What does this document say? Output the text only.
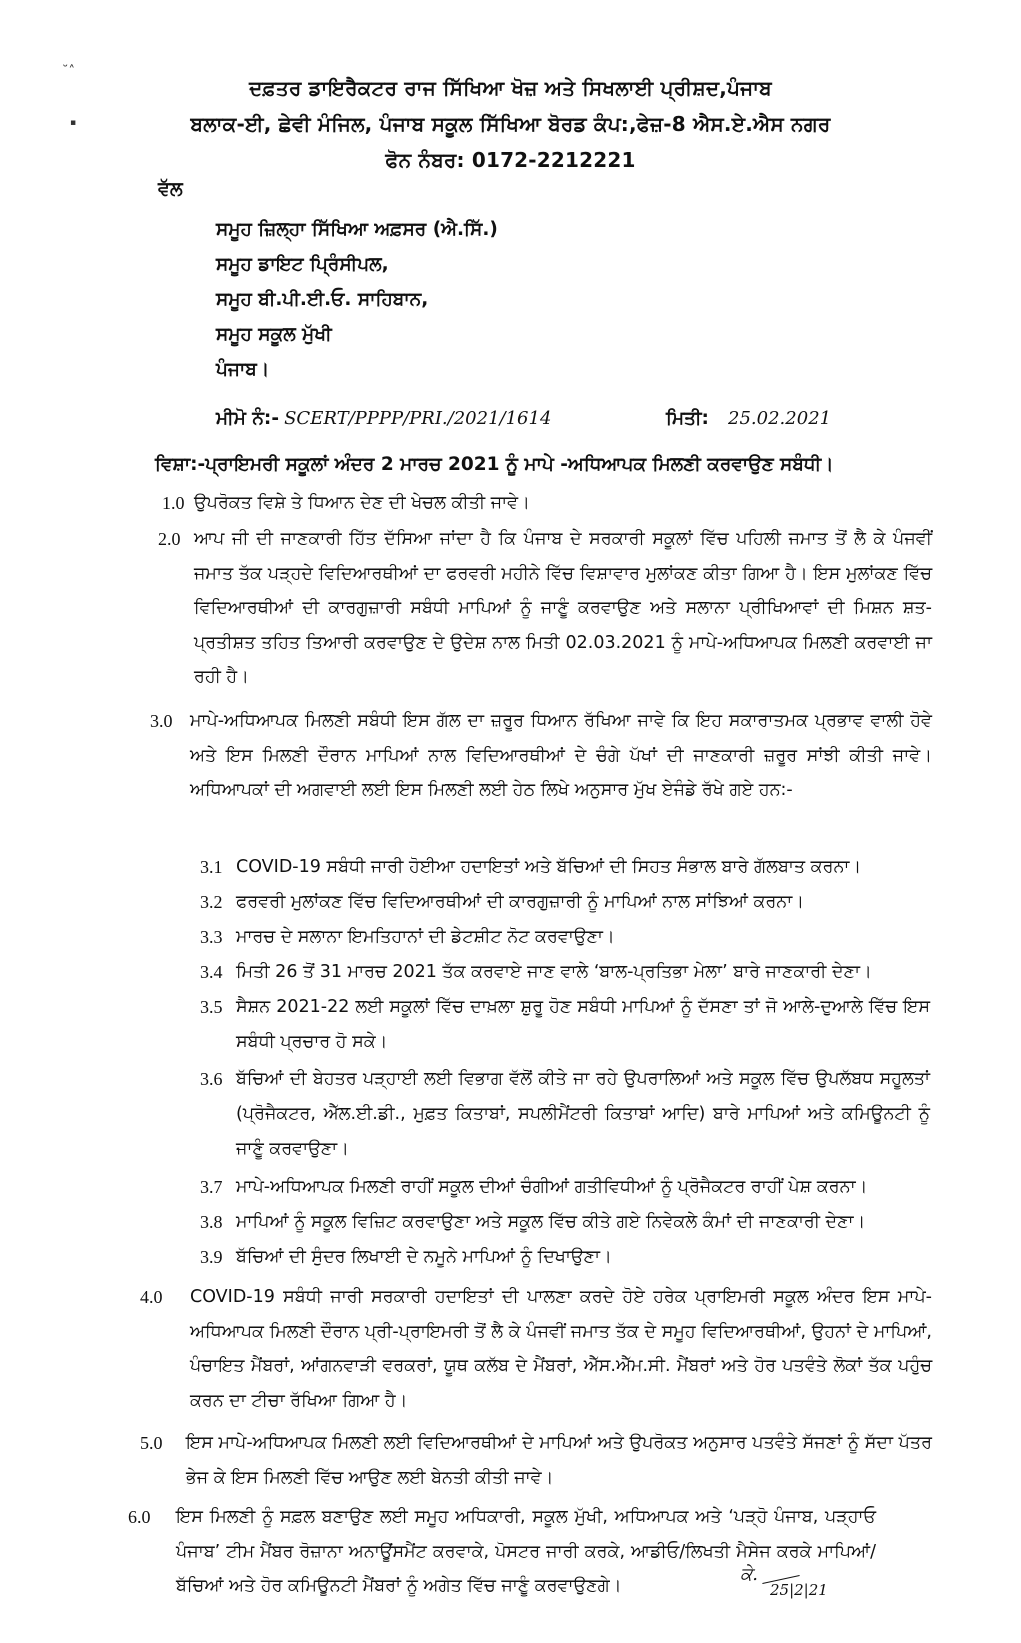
˘˄
▪
ਦਫ਼ਤਰ ਡਾਇਰੈਕਟਰ ਰਾਜ ਸਿੱਖਿਆ ਖੋਜ਼ ਅਤੇ ਸਿਖਲਾਈ ਪ੍ਰੀਸ਼ਦ,ਪੰਜਾਬ
ਬਲਾਕ-ਈ, ਛੇਵੀ ਮੰਜਿਲ, ਪੰਜਾਬ ਸਕੂਲ ਸਿੱਖਿਆ ਬੋਰਡ ਕੰਪ:,ਫੇਜ਼-8 ਐਸ.ਏ.ਐਸ ਨਗਰ
ਫੋਨ ਨੰਬਰ: 0172-2212221
ਵੱਲ
ਸਮੂਹ ਜ਼ਿਲ੍ਹਾ ਸਿੱਖਿਆ ਅਫ਼ਸਰ (ਐ.ਸਿੱ.)
ਸਮੂਹ ਡਾਇਟ ਪ੍ਰਿੰਸੀਪਲ,
ਸਮੂਹ ਬੀ.ਪੀ.ਈ.ਓ. ਸਾਹਿਬਾਨ,
ਸਮੂਹ ਸਕੂਲ ਮੁੱਖੀ
ਪੰਜਾਬ।
ਮੀਮੋ ਨੰ:- SCERT/PPPP/PRI./2021/1614	ਮਿਤੀ: 25.02.2021
ਵਿਸ਼ਾ:-ਪ੍ਰਾਇਮਰੀ ਸਕੂਲਾਂ ਅੰਦਰ 2 ਮਾਰਚ 2021 ਨੂੰ ਮਾਪੇ -ਅਧਿਆਪਕ ਮਿਲਣੀ ਕਰਵਾਉਣ ਸਬੰਧੀ।
1.0 ਉਪਰੋਕਤ ਵਿਸ਼ੇ ਤੇ ਧਿਆਨ ਦੇਣ ਦੀ ਖੇਚਲ ਕੀਤੀ ਜਾਵੇ।
2.0 ਆਪ ਜੀ ਦੀ ਜਾਣਕਾਰੀ ਹਿੱਤ ਦੱਸਿਆ ਜਾਂਦਾ ਹੈ ਕਿ ਪੰਜਾਬ ਦੇ ਸਰਕਾਰੀ ਸਕੂਲਾਂ ਵਿੱਚ ਪਹਿਲੀ ਜਮਾਤ ਤੋਂ ਲੈ ਕੇ ਪੰਜਵੀਂ ਜਮਾਤ ਤੱਕ ਪੜ੍ਹਦੇ ਵਿਦਿਆਰਥੀਆਂ ਦਾ ਫਰਵਰੀ ਮਹੀਨੇ ਵਿੱਚ ਵਿਸ਼ਾਵਾਰ ਮੁਲਾਂਕਣ ਕੀਤਾ ਗਿਆ ਹੈ। ਇਸ ਮੁਲਾਂਕਣ ਵਿੱਚ ਵਿਦਿਆਰਥੀਆਂ ਦੀ ਕਾਰਗੁਜ਼ਾਰੀ ਸਬੰਧੀ ਮਾਪਿਆਂ ਨੂੰ ਜਾਣੂੰ ਕਰਵਾਉਣ ਅਤੇ ਸਲਾਨਾ ਪ੍ਰੀਖਿਆਵਾਂ ਦੀ ਮਿਸ਼ਨ ਸ਼ਤ-ਪ੍ਰਤੀਸ਼ਤ ਤਹਿਤ ਤਿਆਰੀ ਕਰਵਾਉਣ ਦੇ ਉਦੇਸ਼ ਨਾਲ ਮਿਤੀ 02.03.2021 ਨੂੰ ਮਾਪੇ-ਅਧਿਆਪਕ ਮਿਲਣੀ ਕਰਵਾਈ ਜਾ ਰਹੀ ਹੈ।
3.0 ਮਾਪੇ-ਅਧਿਆਪਕ ਮਿਲਣੀ ਸਬੰਧੀ ਇਸ ਗੱਲ ਦਾ ਜ਼ਰੂਰ ਧਿਆਨ ਰੱਖਿਆ ਜਾਵੇ ਕਿ ਇਹ ਸਕਾਰਾਤਮਕ ਪ੍ਰਭਾਵ ਵਾਲੀ ਹੋਵੇ ਅਤੇ ਇਸ ਮਿਲਣੀ ਦੌਰਾਨ ਮਾਪਿਆਂ ਨਾਲ ਵਿਦਿਆਰਥੀਆਂ ਦੇ ਚੰਗੇ ਪੱਖਾਂ ਦੀ ਜਾਣਕਾਰੀ ਜ਼ਰੂਰ ਸਾਂਝੀ ਕੀਤੀ ਜਾਵੇ। ਅਧਿਆਪਕਾਂ ਦੀ ਅਗਵਾਈ ਲਈ ਇਸ ਮਿਲਣੀ ਲਈ ਹੇਠ ਲਿਖੇ ਅਨੁਸਾਰ ਮੁੱਖ ਏਜੰਡੇ ਰੱਖੇ ਗਏ ਹਨ:-
3.1 COVID-19 ਸਬੰਧੀ ਜਾਰੀ ਹੋਈਆ ਹਦਾਇਤਾਂ ਅਤੇ ਬੱਚਿਆਂ ਦੀ ਸਿਹਤ ਸੰਭਾਲ ਬਾਰੇ ਗੱਲਬਾਤ ਕਰਨਾ।
3.2 ਫਰਵਰੀ ਮੁਲਾਂਕਣ ਵਿੱਚ ਵਿਦਿਆਰਥੀਆਂ ਦੀ ਕਾਰਗੁਜ਼ਾਰੀ ਨੂੰ ਮਾਪਿਆਂ ਨਾਲ ਸਾਂਝਿਆਂ ਕਰਨਾ।
3.3 ਮਾਰਚ ਦੇ ਸਲਾਨਾ ਇਮਤਿਹਾਨਾਂ ਦੀ ਡੇਟਸ਼ੀਟ ਨੋਟ ਕਰਵਾਉਣਾ।
3.4 ਮਿਤੀ 26 ਤੋਂ 31 ਮਾਰਚ 2021 ਤੱਕ ਕਰਵਾਏ ਜਾਣ ਵਾਲੇ ‘ਬਾਲ-ਪ੍ਰਤਿਭਾ ਮੇਲਾ’ ਬਾਰੇ ਜਾਣਕਾਰੀ ਦੇਣਾ।
3.5 ਸੈਸ਼ਨ 2021-22 ਲਈ ਸਕੂਲਾਂ ਵਿੱਚ ਦਾਖ਼ਲਾ ਸ਼ੁਰੂ ਹੋਣ ਸਬੰਧੀ ਮਾਪਿਆਂ ਨੂੰ ਦੱਸਣਾ ਤਾਂ ਜੋ ਆਲੇ-ਦੁਆਲੇ ਵਿੱਚ ਇਸ ਸਬੰਧੀ ਪ੍ਰਚਾਰ ਹੋ ਸਕੇ।
3.6 ਬੱਚਿਆਂ ਦੀ ਬੇਹਤਰ ਪੜ੍ਹਾਈ ਲਈ ਵਿਭਾਗ ਵੱਲੋਂ ਕੀਤੇ ਜਾ ਰਹੇ ਉਪਰਾਲਿਆਂ ਅਤੇ ਸਕੂਲ ਵਿੱਚ ਉਪਲੱਬਧ ਸਹੂਲਤਾਂ (ਪ੍ਰੋਜੈਕਟਰ, ਐੱਲ.ਈ.ਡੀ., ਮੁਫ਼ਤ ਕਿਤਾਬਾਂ, ਸਪਲੀਮੈਂਟਰੀ ਕਿਤਾਬਾਂ ਆਦਿ) ਬਾਰੇ ਮਾਪਿਆਂ ਅਤੇ ਕਮਿਊਨਟੀ ਨੂੰ ਜਾਣੂੰ ਕਰਵਾਉਣਾ।
3.7 ਮਾਪੇ-ਅਧਿਆਪਕ ਮਿਲਣੀ ਰਾਹੀਂ ਸਕੂਲ ਦੀਆਂ ਚੰਗੀਆਂ ਗਤੀਵਿਧੀਆਂ ਨੂੰ ਪ੍ਰੋਜੈਕਟਰ ਰਾਹੀਂ ਪੇਸ਼ ਕਰਨਾ।
3.8 ਮਾਪਿਆਂ ਨੂੰ ਸਕੂਲ ਵਿਜ਼ਿਟ ਕਰਵਾਉਣਾ ਅਤੇ ਸਕੂਲ ਵਿੱਚ ਕੀਤੇ ਗਏ ਨਿਵੇਕਲੇ ਕੰਮਾਂ ਦੀ ਜਾਣਕਾਰੀ ਦੇਣਾ।
3.9 ਬੱਚਿਆਂ ਦੀ ਸੁੰਦਰ ਲਿਖਾਈ ਦੇ ਨਮੂਨੇ ਮਾਪਿਆਂ ਨੂੰ ਦਿਖਾਉਣਾ।
4.0 COVID-19 ਸਬੰਧੀ ਜਾਰੀ ਸਰਕਾਰੀ ਹਦਾਇਤਾਂ ਦੀ ਪਾਲਣਾ ਕਰਦੇ ਹੋਏ ਹਰੇਕ ਪ੍ਰਾਇਮਰੀ ਸਕੂਲ ਅੰਦਰ ਇਸ ਮਾਪੇ-ਅਧਿਆਪਕ ਮਿਲਣੀ ਦੌਰਾਨ ਪ੍ਰੀ-ਪ੍ਰਾਇਮਰੀ ਤੋਂ ਲੈ ਕੇ ਪੰਜਵੀਂ ਜਮਾਤ ਤੱਕ ਦੇ ਸਮੂਹ ਵਿਦਿਆਰਥੀਆਂ, ਉਹਨਾਂ ਦੇ ਮਾਪਿਆਂ, ਪੰਚਾਇਤ ਮੈਂਬਰਾਂ, ਆਂਗਨਵਾੜੀ ਵਰਕਰਾਂ, ਯੂਥ ਕਲੱਬ ਦੇ ਮੈਂਬਰਾਂ, ਐੱਸ.ਐੱਮ.ਸੀ. ਮੈਂਬਰਾਂ ਅਤੇ ਹੋਰ ਪਤਵੰਤੇ ਲੋਕਾਂ ਤੱਕ ਪਹੁੰਚ ਕਰਨ ਦਾ ਟੀਚਾ ਰੱਖਿਆ ਗਿਆ ਹੈ।
5.0 ਇਸ ਮਾਪੇ-ਅਧਿਆਪਕ ਮਿਲਣੀ ਲਈ ਵਿਦਿਆਰਥੀਆਂ ਦੇ ਮਾਪਿਆਂ ਅਤੇ ਉਪਰੋਕਤ ਅਨੁਸਾਰ ਪਤਵੰਤੇ ਸੱਜਣਾਂ ਨੂੰ ਸੱਦਾ ਪੱਤਰ ਭੇਜ ਕੇ ਇਸ ਮਿਲਣੀ ਵਿੱਚ ਆਉਣ ਲਈ ਬੇਨਤੀ ਕੀਤੀ ਜਾਵੇ।
6.0 ਇਸ ਮਿਲਣੀ ਨੂੰ ਸਫ਼ਲ ਬਣਾਉਣ ਲਈ ਸਮੂਹ ਅਧਿਕਾਰੀ, ਸਕੂਲ ਮੁੱਖੀ, ਅਧਿਆਪਕ ਅਤੇ ‘ਪੜ੍ਹੋ ਪੰਜਾਬ, ਪੜ੍ਹਾਓ ਪੰਜਾਬ’ ਟੀਮ ਮੈਂਬਰ ਰੋਜ਼ਾਨਾ ਅਨਾਊਂਸਮੈਂਟ ਕਰਵਾਕੇ, ਪੋਸਟਰ ਜਾਰੀ ਕਰਕੇ, ਆਡੀਓ/ਲਿਖਤੀ ਮੈਸੇਜ ਕਰਕੇ ਮਾਪਿਆਂ/ਬੱਚਿਆਂ ਅਤੇ ਹੋਰ ਕਮਿਊਨਟੀ ਮੈਂਬਰਾਂ ਨੂੰ ਅਗੇਤ ਵਿੱਚ ਜਾਣੂੰ ਕਰਵਾਉਣਗੇ।
ਕੇ.
25|2|21
